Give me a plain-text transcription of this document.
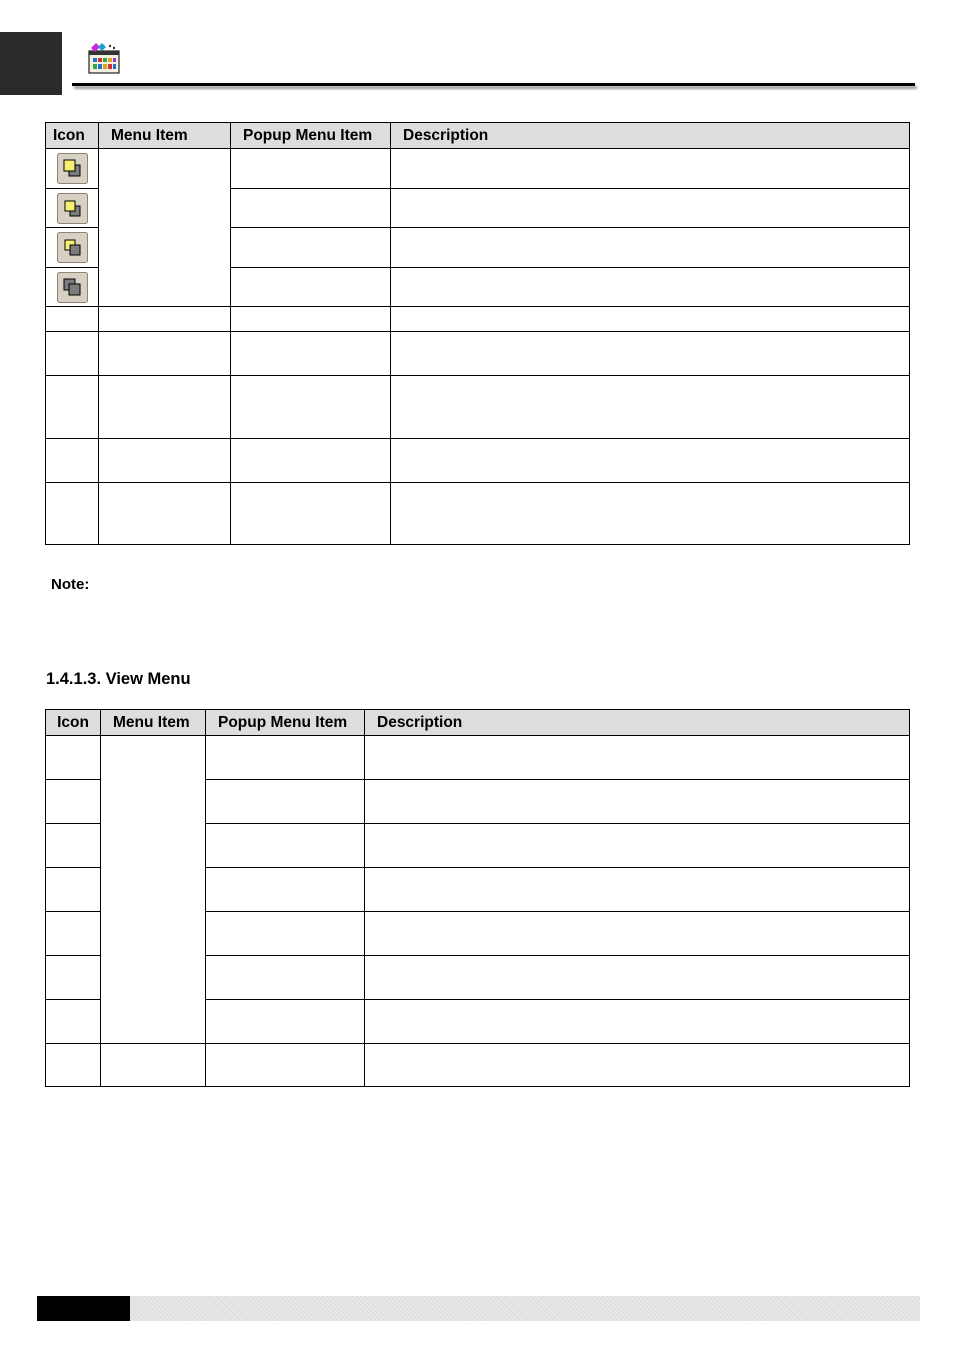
Icon	Menu Item	Popup Menu Item	Description

Note:
1.4.1.3. View Menu
Icon	Menu Item	Popup Menu Item	Description
